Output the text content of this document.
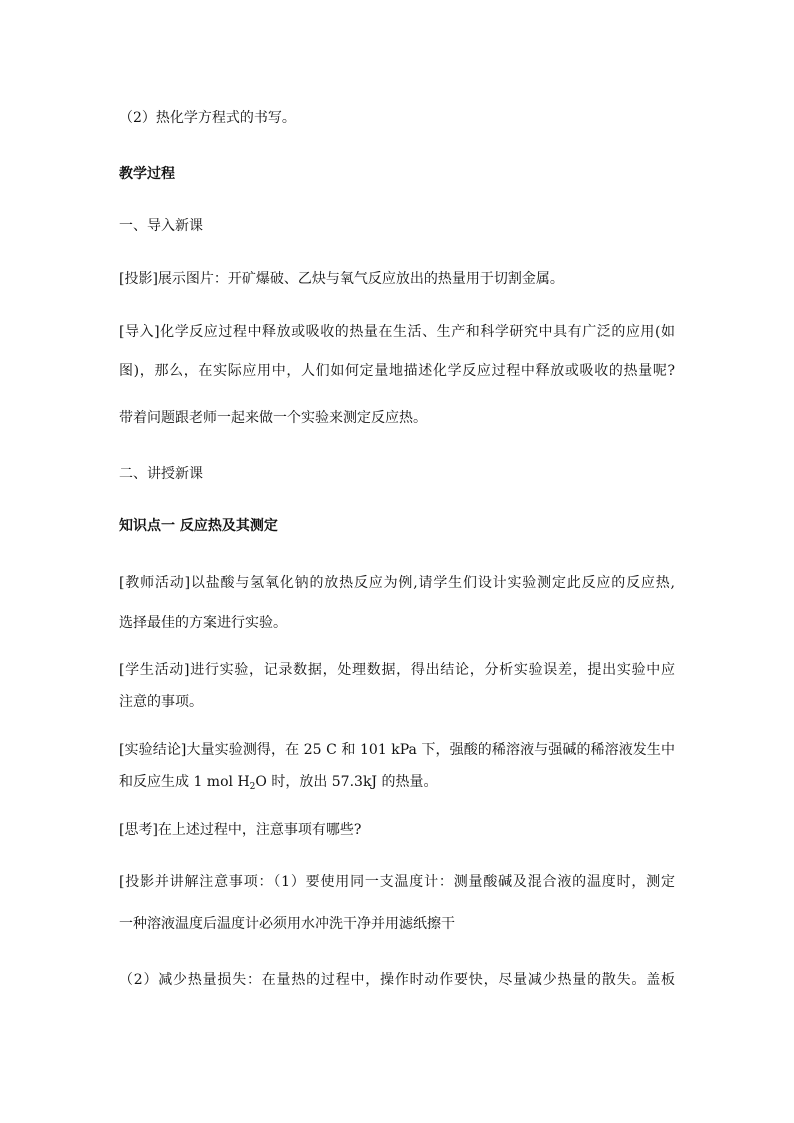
（2）热化学方程式的书写。
教学过程
一、导入新课
[投影]展示图片：开矿爆破、乙炔与氧气反应放出的热量用于切割金属。
[导入]化学反应过程中释放或吸收的热量在生活、生产和科学研究中具有广泛的应用(如
图)，那么，在实际应用中，人们如何定量地描述化学反应过程中释放或吸收的热量呢?
带着问题跟老师一起来做一个实验来测定反应热。
二、讲授新课
知识点一 反应热及其测定
[教师活动]以盐酸与氢氧化钠的放热反应为例,请学生们设计实验测定此反应的反应热,
选择最佳的方案进行实验。
[学生活动]进行实验，记录数据，处理数据，得出结论，分析实验误差，提出实验中应
注意的事项。
[实验结论]大量实验测得，在 25 C 和 101 kPa 下，强酸的稀溶液与强碱的稀溶液发生中
和反应生成 1 mol $H_2O$ 时，放出 57.3kJ 的热量。
[思考]在上述过程中，注意事项有哪些?
[投影并讲解注意事项：（1）要使用同一支温度计：测量酸碱及混合液的温度时，测定
一种溶液温度后温度计必须用水冲洗干净并用滤纸擦干
（2）减少热量损失：在量热的过程中，操作时动作要快，尽量减少热量的散失。盖板
